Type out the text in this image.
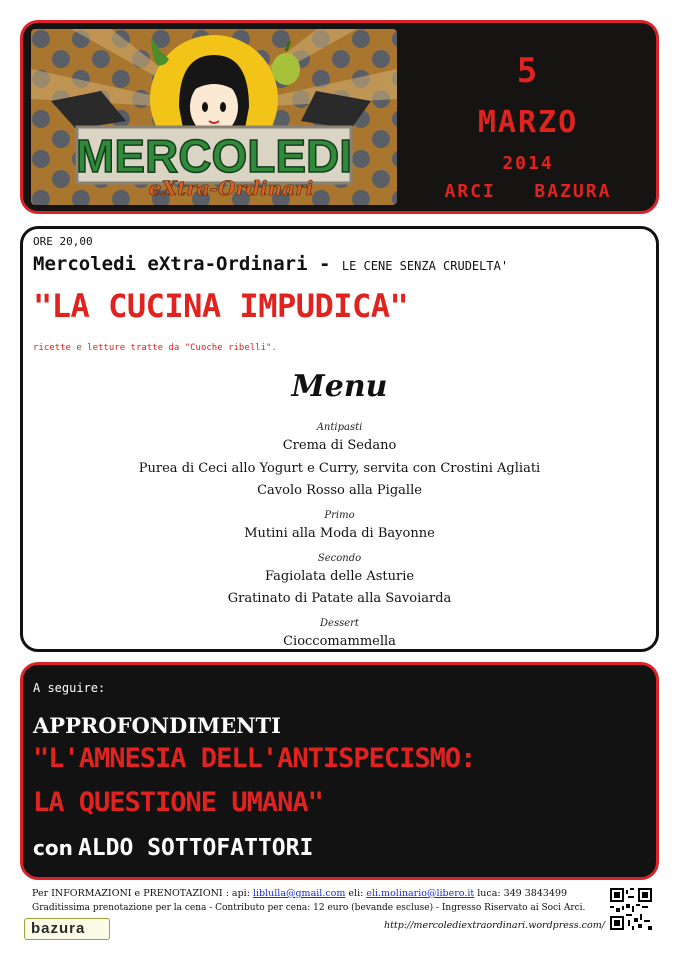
MERCOLEDI
eXtra-Ordinari
5
MARZO
2014
ARCI   BAZURA
ORE 20,00
Mercoledi eXtra-Ordinari - LE CENE SENZA CRUDELTA'
"LA CUCINA IMPUDICA"
ricette e letture tratte da "Cuoche ribelli".
Menu
Antipasti
Crema di Sedano
Purea di Ceci allo Yogurt e Curry, servita con Crostini Agliati
Cavolo Rosso alla Pigalle
Primo
Mutini alla Moda di Bayonne
Secondo
Fagiolata delle Asturie
Gratinato di Patate alla Savoiarda
Dessert
Cioccomammella
A seguire:
APPROFONDIMENTI
"L'AMNESIA DELL'ANTISPECISMO:
LA QUESTIONE UMANA"
con ALDO SOTTOFATTORI
Per INFORMAZIONI e PRENOTAZIONI : api: liblulla@gmail.com eli: eli.molinario@libero.it luca: 349 3843499
Graditissima prenotazione per la cena - Contributo per cena: 12 euro (bevande escluse) - Ingresso Riservato ai Soci Arci.
bazura	http://mercolediextraordinari.wordpress.com/
